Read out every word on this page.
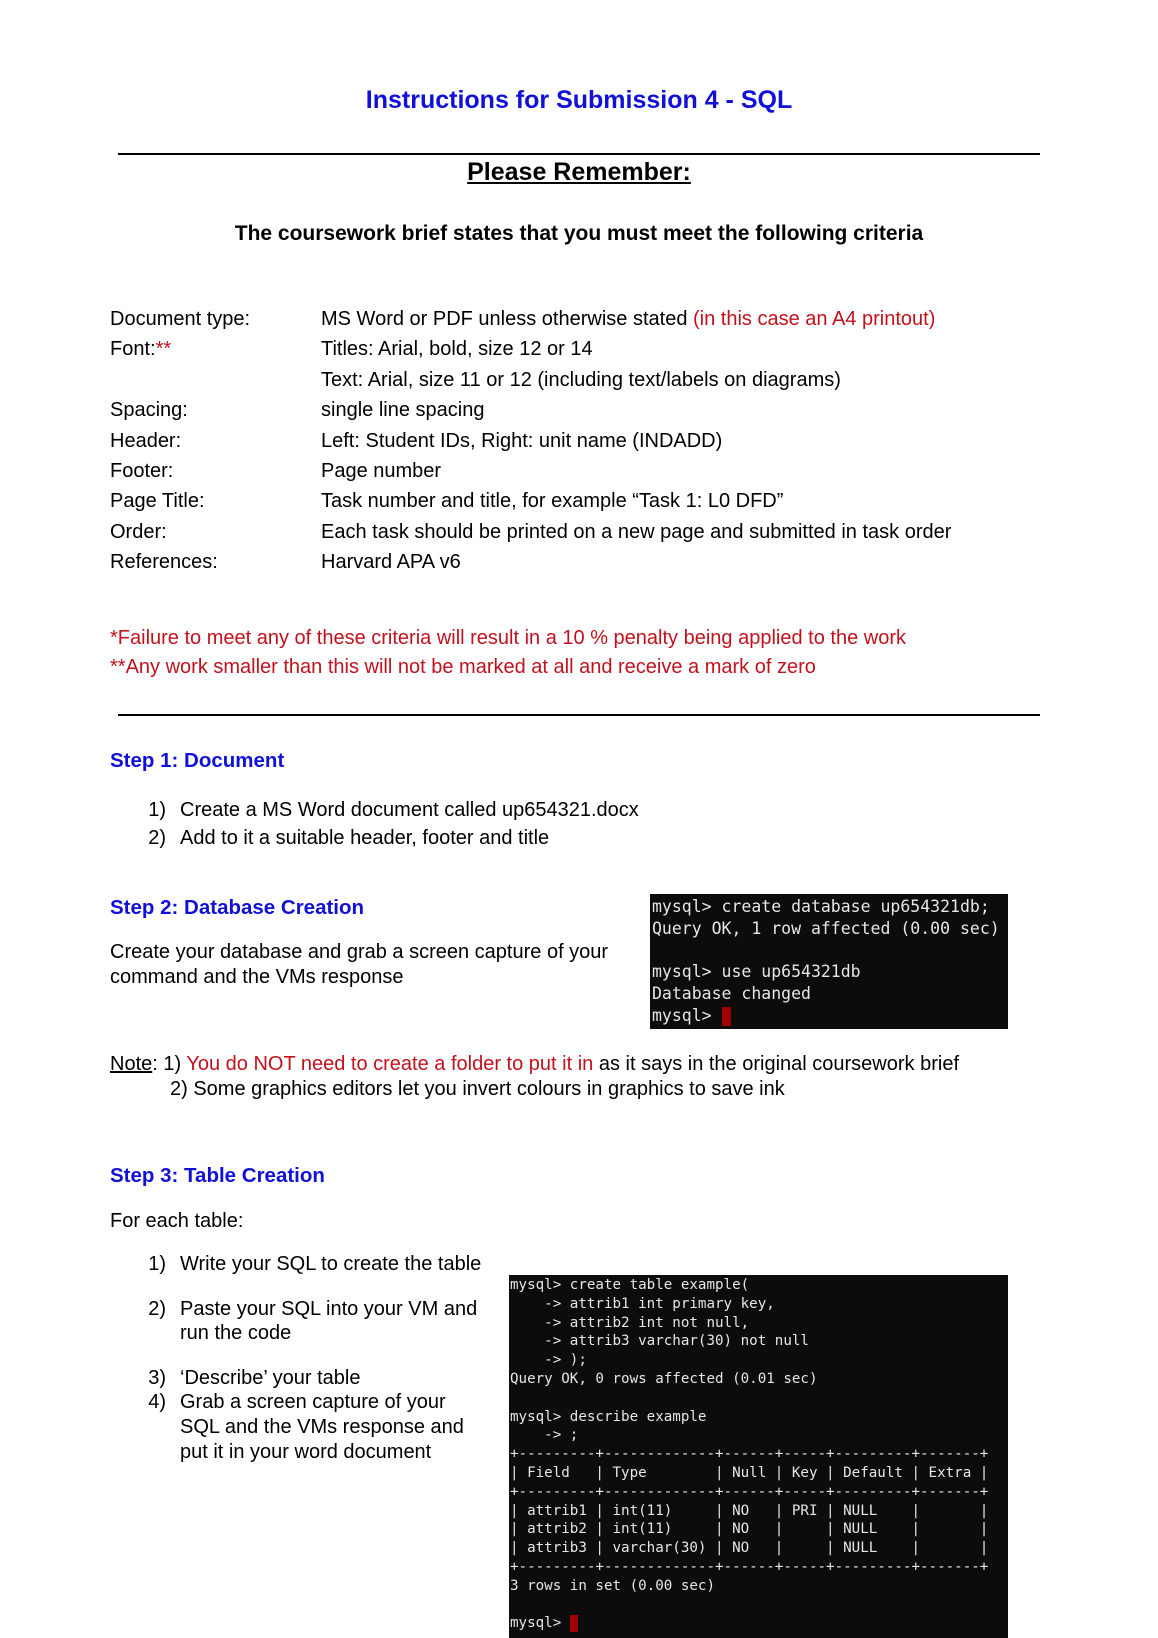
Instructions for Submission 4 - SQL
Please Remember:
The coursework brief states that you must meet the following criteria
Document type:	MS Word or PDF unless otherwise stated (in this case an A4 printout)
Font:**	Titles: Arial, bold, size 12 or 14
Text: Arial, size 11 or 12 (including text/labels on diagrams)
Spacing:	single line spacing
Header:	Left: Student IDs, Right: unit name (INDADD)
Footer:	Page number
Page Title:	Task number and title, for example “Task 1: L0 DFD”
Order:	Each task should be printed on a new page and submitted in task order
References:	Harvard APA v6
*Failure to meet any of these criteria will result in a 10 % penalty being applied to the work
**Any work smaller than this will not be marked at all and receive a mark of zero
Step 1: Document
1) Create a MS Word document called up654321.docx
2) Add to it a suitable header, footer and title
Step 2: Database Creation
Create your database and grab a screen capture of your command and the VMs response
mysql> create database up654321db;
Query OK, 1 row affected (0.00 sec)

mysql> use up654321db
Database changed
mysql>
Note: 1) You do NOT need to create a folder to put it in as it says in the original coursework brief
2) Some graphics editors let you invert colours in graphics to save ink
Step 3: Table Creation
For each table:
1) Write your SQL to create the table
2) Paste your SQL into your VM and run the code
3) ‘Describe’ your table
4) Grab a screen capture of your SQL and the VMs response and put it in your word document
mysql> create table example(
-> attrib1 int primary key,
-> attrib2 int not null,
-> attrib3 varchar(30) not null
-> );
Query OK, 0 rows affected (0.01 sec)

mysql> describe example
-> ;
+---------+-------------+------+-----+---------+-------+
| Field   | Type        | Null | Key | Default | Extra |
+---------+-------------+------+-----+---------+-------+
| attrib1 | int(11)     | NO   | PRI | NULL    |       |
| attrib2 | int(11)     | NO   |     | NULL    |       |
| attrib3 | varchar(30) | NO   |     | NULL    |       |
+---------+-------------+------+-----+---------+-------+
3 rows in set (0.00 sec)

mysql>
